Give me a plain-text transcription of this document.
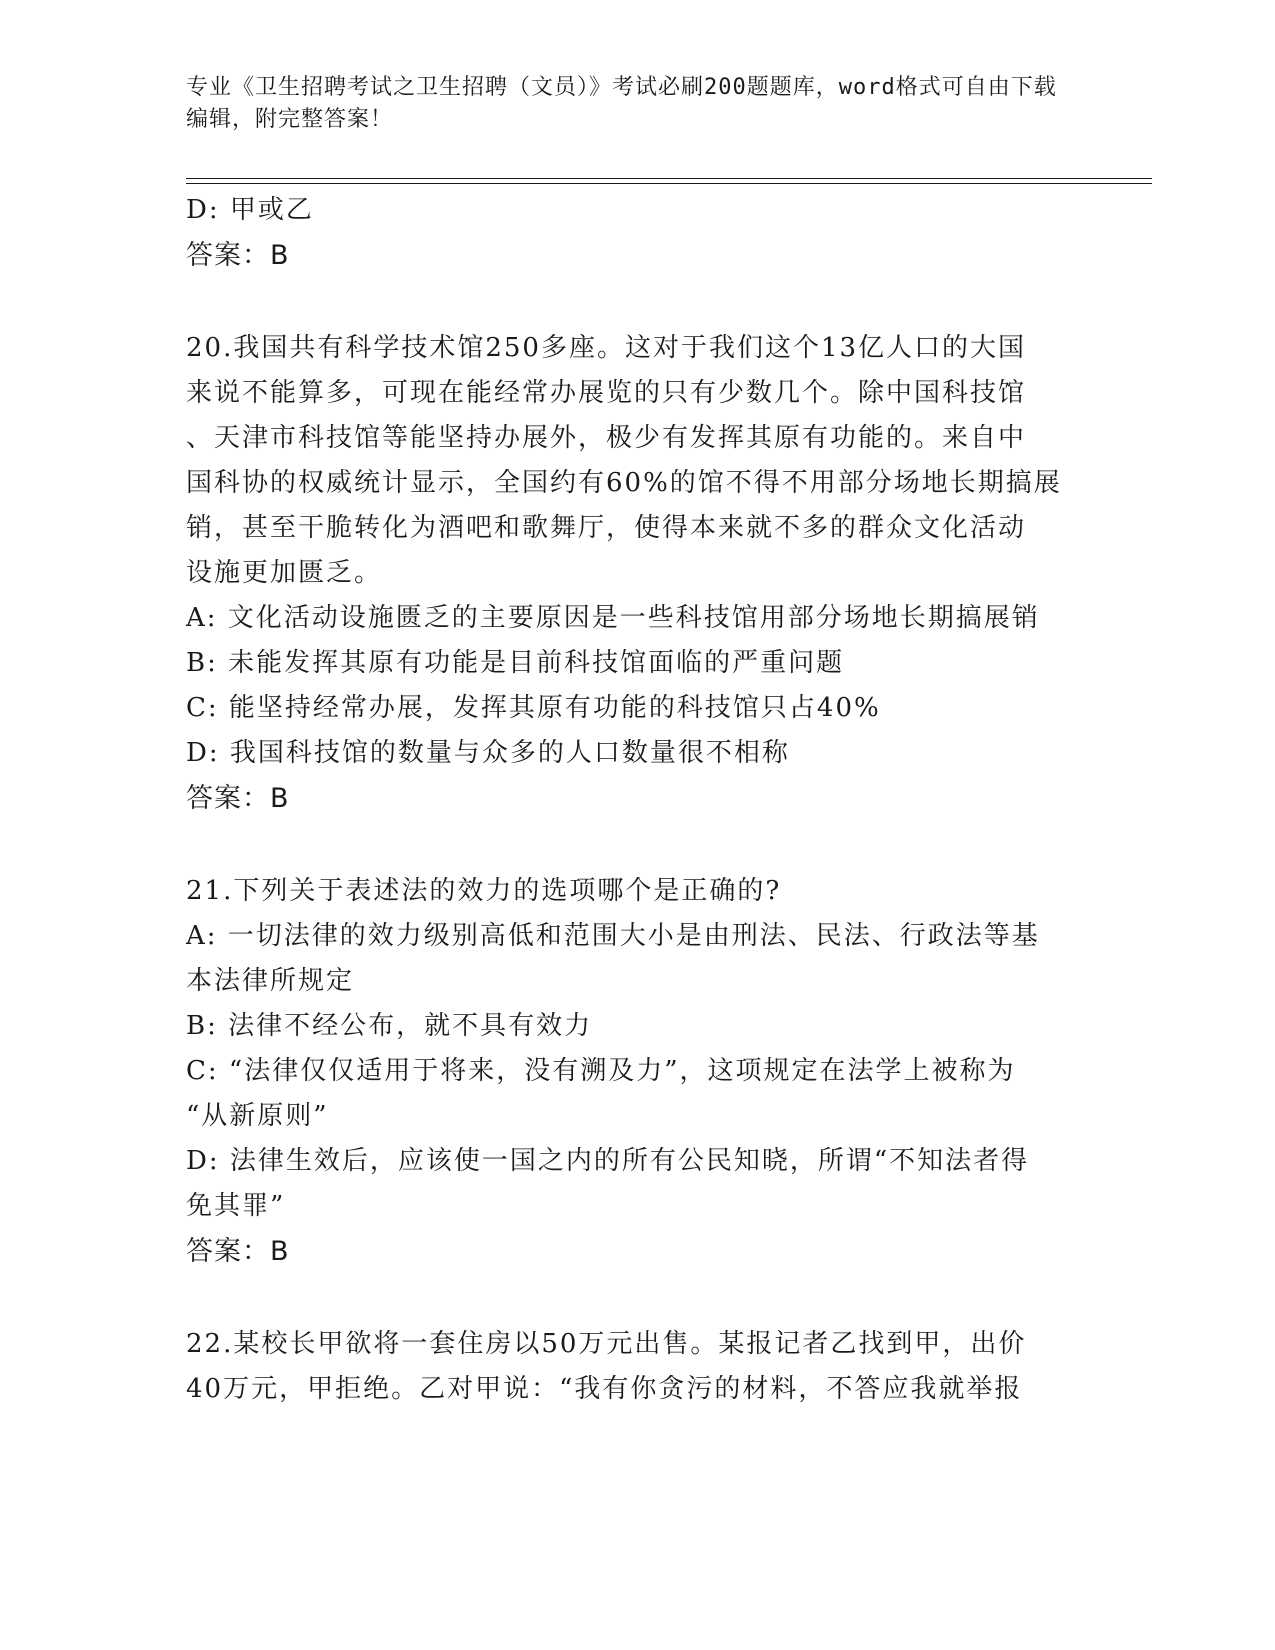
专业《卫生招聘考试之卫生招聘（文员）》考试必刷200题题库，word格式可自由下载编辑，附完整答案！
D: 甲或乙
答案：B
20.我国共有科学技术馆250多座。这对于我们这个13亿人口的大国
来说不能算多，可现在能经常办展览的只有少数几个。除中国科技馆
、天津市科技馆等能坚持办展外，极少有发挥其原有功能的。来自中
国科协的权威统计显示，全国约有60%的馆不得不用部分场地长期搞展
销，甚至干脆转化为酒吧和歌舞厅，使得本来就不多的群众文化活动
设施更加匮乏。
A: 文化活动设施匮乏的主要原因是一些科技馆用部分场地长期搞展销
B: 未能发挥其原有功能是目前科技馆面临的严重问题
C: 能坚持经常办展，发挥其原有功能的科技馆只占40%
D: 我国科技馆的数量与众多的人口数量很不相称
答案：B
21.下列关于表述法的效力的选项哪个是正确的?
A: 一切法律的效力级别高低和范围大小是由刑法、民法、行政法等基
本法律所规定
B: 法律不经公布，就不具有效力
C: “法律仅仅适用于将来，没有溯及力”，这项规定在法学上被称为
“从新原则”
D: 法律生效后，应该使一国之内的所有公民知晓，所谓“不知法者得
免其罪”
答案：B
22.某校长甲欲将一套住房以50万元出售。某报记者乙找到甲，出价
40万元，甲拒绝。乙对甲说：“我有你贪污的材料，不答应我就举报
